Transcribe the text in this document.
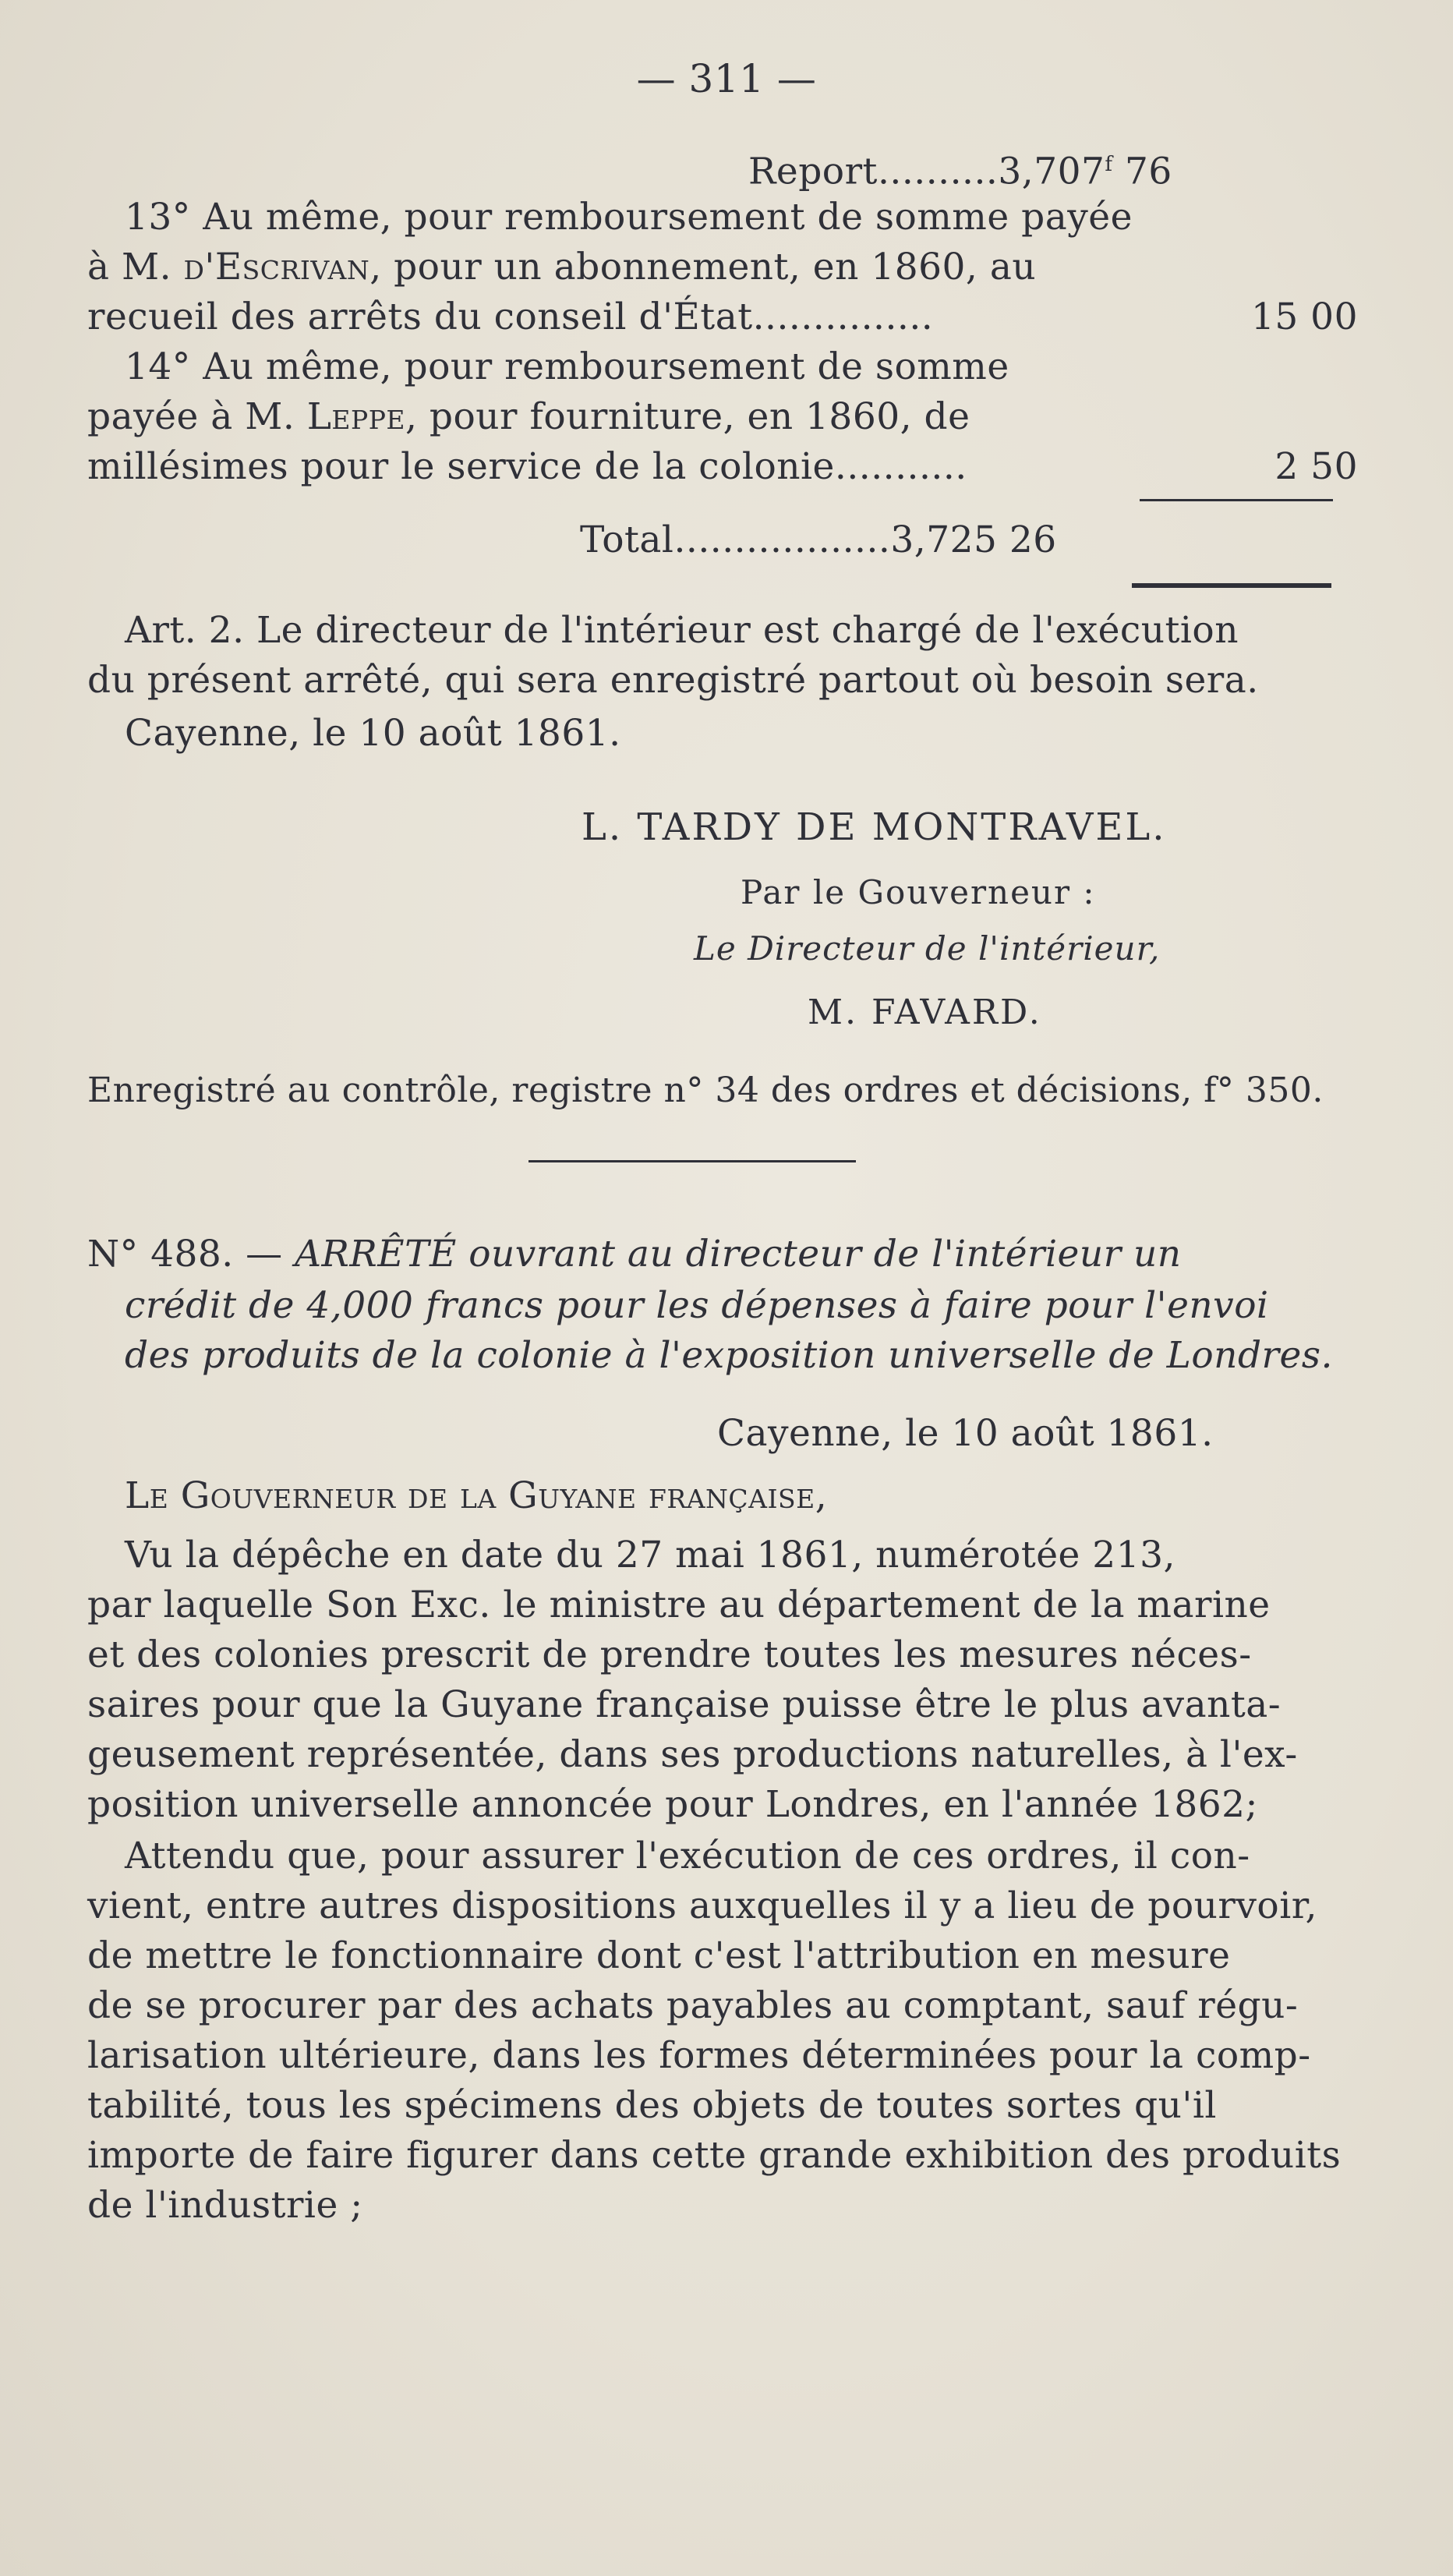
— 311 —
Report..........3,707$^f$ 76
13° Au même, pour remboursement de somme payée
à M. d'Escrivan, pour un abonnement, en 1860, au
recueil des arrêts du conseil d'État...............	15 00
14° Au même, pour remboursement de somme
payée à M. Leppe, pour fourniture, en 1860, de
millésimes pour le service de la colonie...........	2 50
Total..................3,725 26
Art. 2. Le directeur de l'intérieur est chargé de l'exécution
du présent arrêté, qui sera enregistré partout où besoin sera.
Cayenne, le 10 août 1861.
L. TARDY DE MONTRAVEL.
Par le Gouverneur :
Le Directeur de l'intérieur,
M. FAVARD.
Enregistré au contrôle, registre n° 34 des ordres et décisions, f° 350.
N° 488. — ARRÊTÉ ouvrant au directeur de l'intérieur un
crédit de 4,000 francs pour les dépenses à faire pour l'envoi
des produits de la colonie à l'exposition universelle de Londres.
Cayenne, le 10 août 1861.
Le Gouverneur de la Guyane française,
Vu la dépêche en date du 27 mai 1861, numérotée 213,
par laquelle Son Exc. le ministre au département de la marine
et des colonies prescrit de prendre toutes les mesures néces-
saires pour que la Guyane française puisse être le plus avanta-
geusement représentée, dans ses productions naturelles, à l'ex-
position universelle annoncée pour Londres, en l'année 1862;
Attendu que, pour assurer l'exécution de ces ordres, il con-
vient, entre autres dispositions auxquelles il y a lieu de pourvoir,
de mettre le fonctionnaire dont c'est l'attribution en mesure
de se procurer par des achats payables au comptant, sauf régu-
larisation ultérieure, dans les formes déterminées pour la comp-
tabilité, tous les spécimens des objets de toutes sortes qu'il
importe de faire figurer dans cette grande exhibition des produits
de l'industrie ;
